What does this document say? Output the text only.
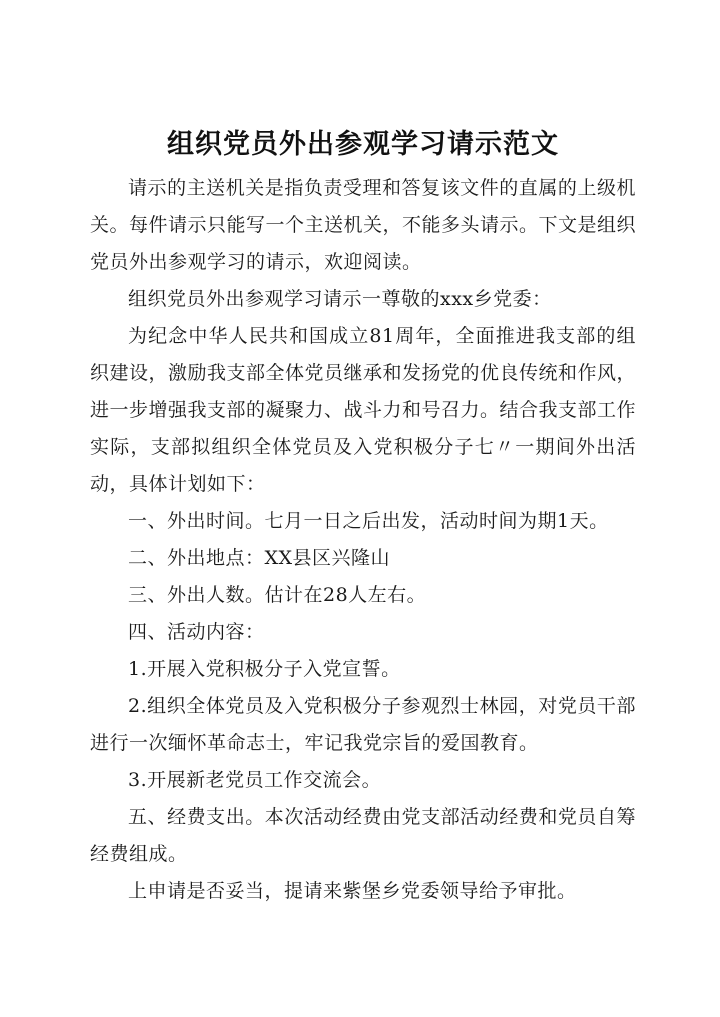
组织党员外出参观学习请示范文

请示的主送机关是指负责受理和答复该文件的直属的上级机关。每件请示只能写一个主送机关，不能多头请示。下文是组织党员外出参观学习的请示，欢迎阅读。

组织党员外出参观学习请示一尊敬的xxx乡党委：

为纪念中华人民共和国成立81周年，全面推进我支部的组织建设，激励我支部全体党员继承和发扬党的优良传统和作风，进一步增强我支部的凝聚力、战斗力和号召力。结合我支部工作实际，支部拟组织全体党员及入党积极分子七〃一期间外出活动，具体计划如下：

一、外出时间。七月一日之后出发，活动时间为期1天。

二、外出地点：XX县区兴隆山

三、外出人数。估计在28人左右。

四、活动内容：

1.开展入党积极分子入党宣誓。

2.组织全体党员及入党积极分子参观烈士林园，对党员干部进行一次缅怀革命志士，牢记我党宗旨的爱国教育。

3.开展新老党员工作交流会。

五、经费支出。本次活动经费由党支部活动经费和党员自筹经费组成。

上申请是否妥当，提请来紫堡乡党委领导给予审批。
